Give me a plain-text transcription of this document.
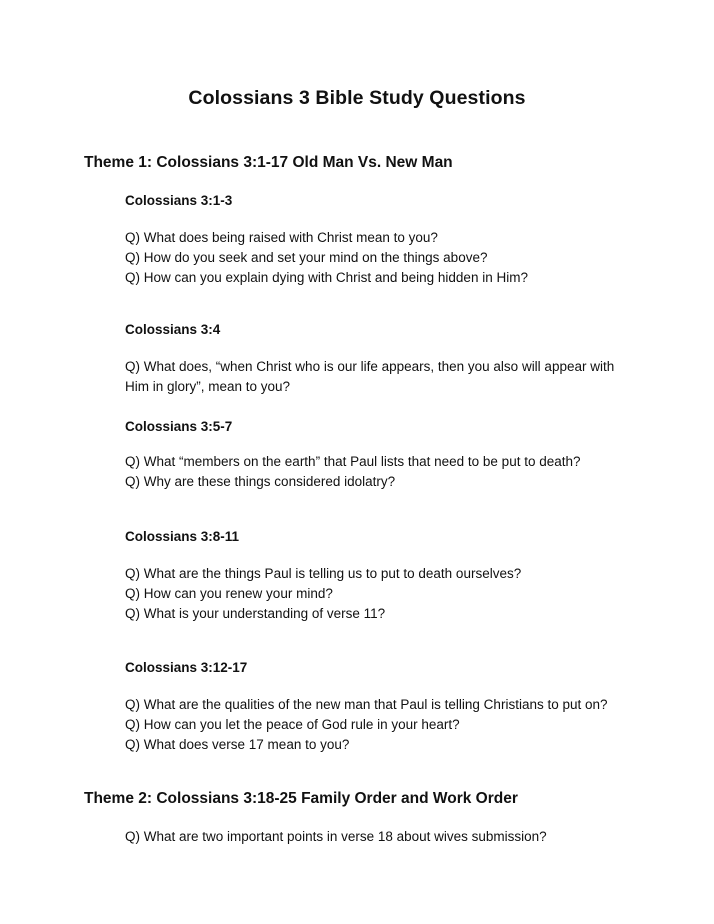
Colossians 3 Bible Study Questions
Theme 1: Colossians 3:1-17 Old Man Vs. New Man
Colossians 3:1-3

Q) What does being raised with Christ mean to you?

Q) How do you seek and set your mind on the things above?

Q) How can you explain dying with Christ and being hidden in Him?

Colossians 3:4

Q) What does, “when Christ who is our life appears, then you also will appear with Him in glory”, mean to you?

Colossians 3:5-7

Q) What “members on the earth” that Paul lists that need to be put to death?

Q) Why are these things considered idolatry?

Colossians 3:8-11

Q) What are the things Paul is telling us to put to death ourselves?

Q) How can you renew your mind?

Q) What is your understanding of verse 11?

Colossians 3:12-17

Q) What are the qualities of the new man that Paul is telling Christians to put on?

Q) How can you let the peace of God rule in your heart?

Q) What does verse 17 mean to you?

Theme 2: Colossians 3:18-25 Family Order and Work Order

Q) What are two important points in verse 18 about wives submission?
